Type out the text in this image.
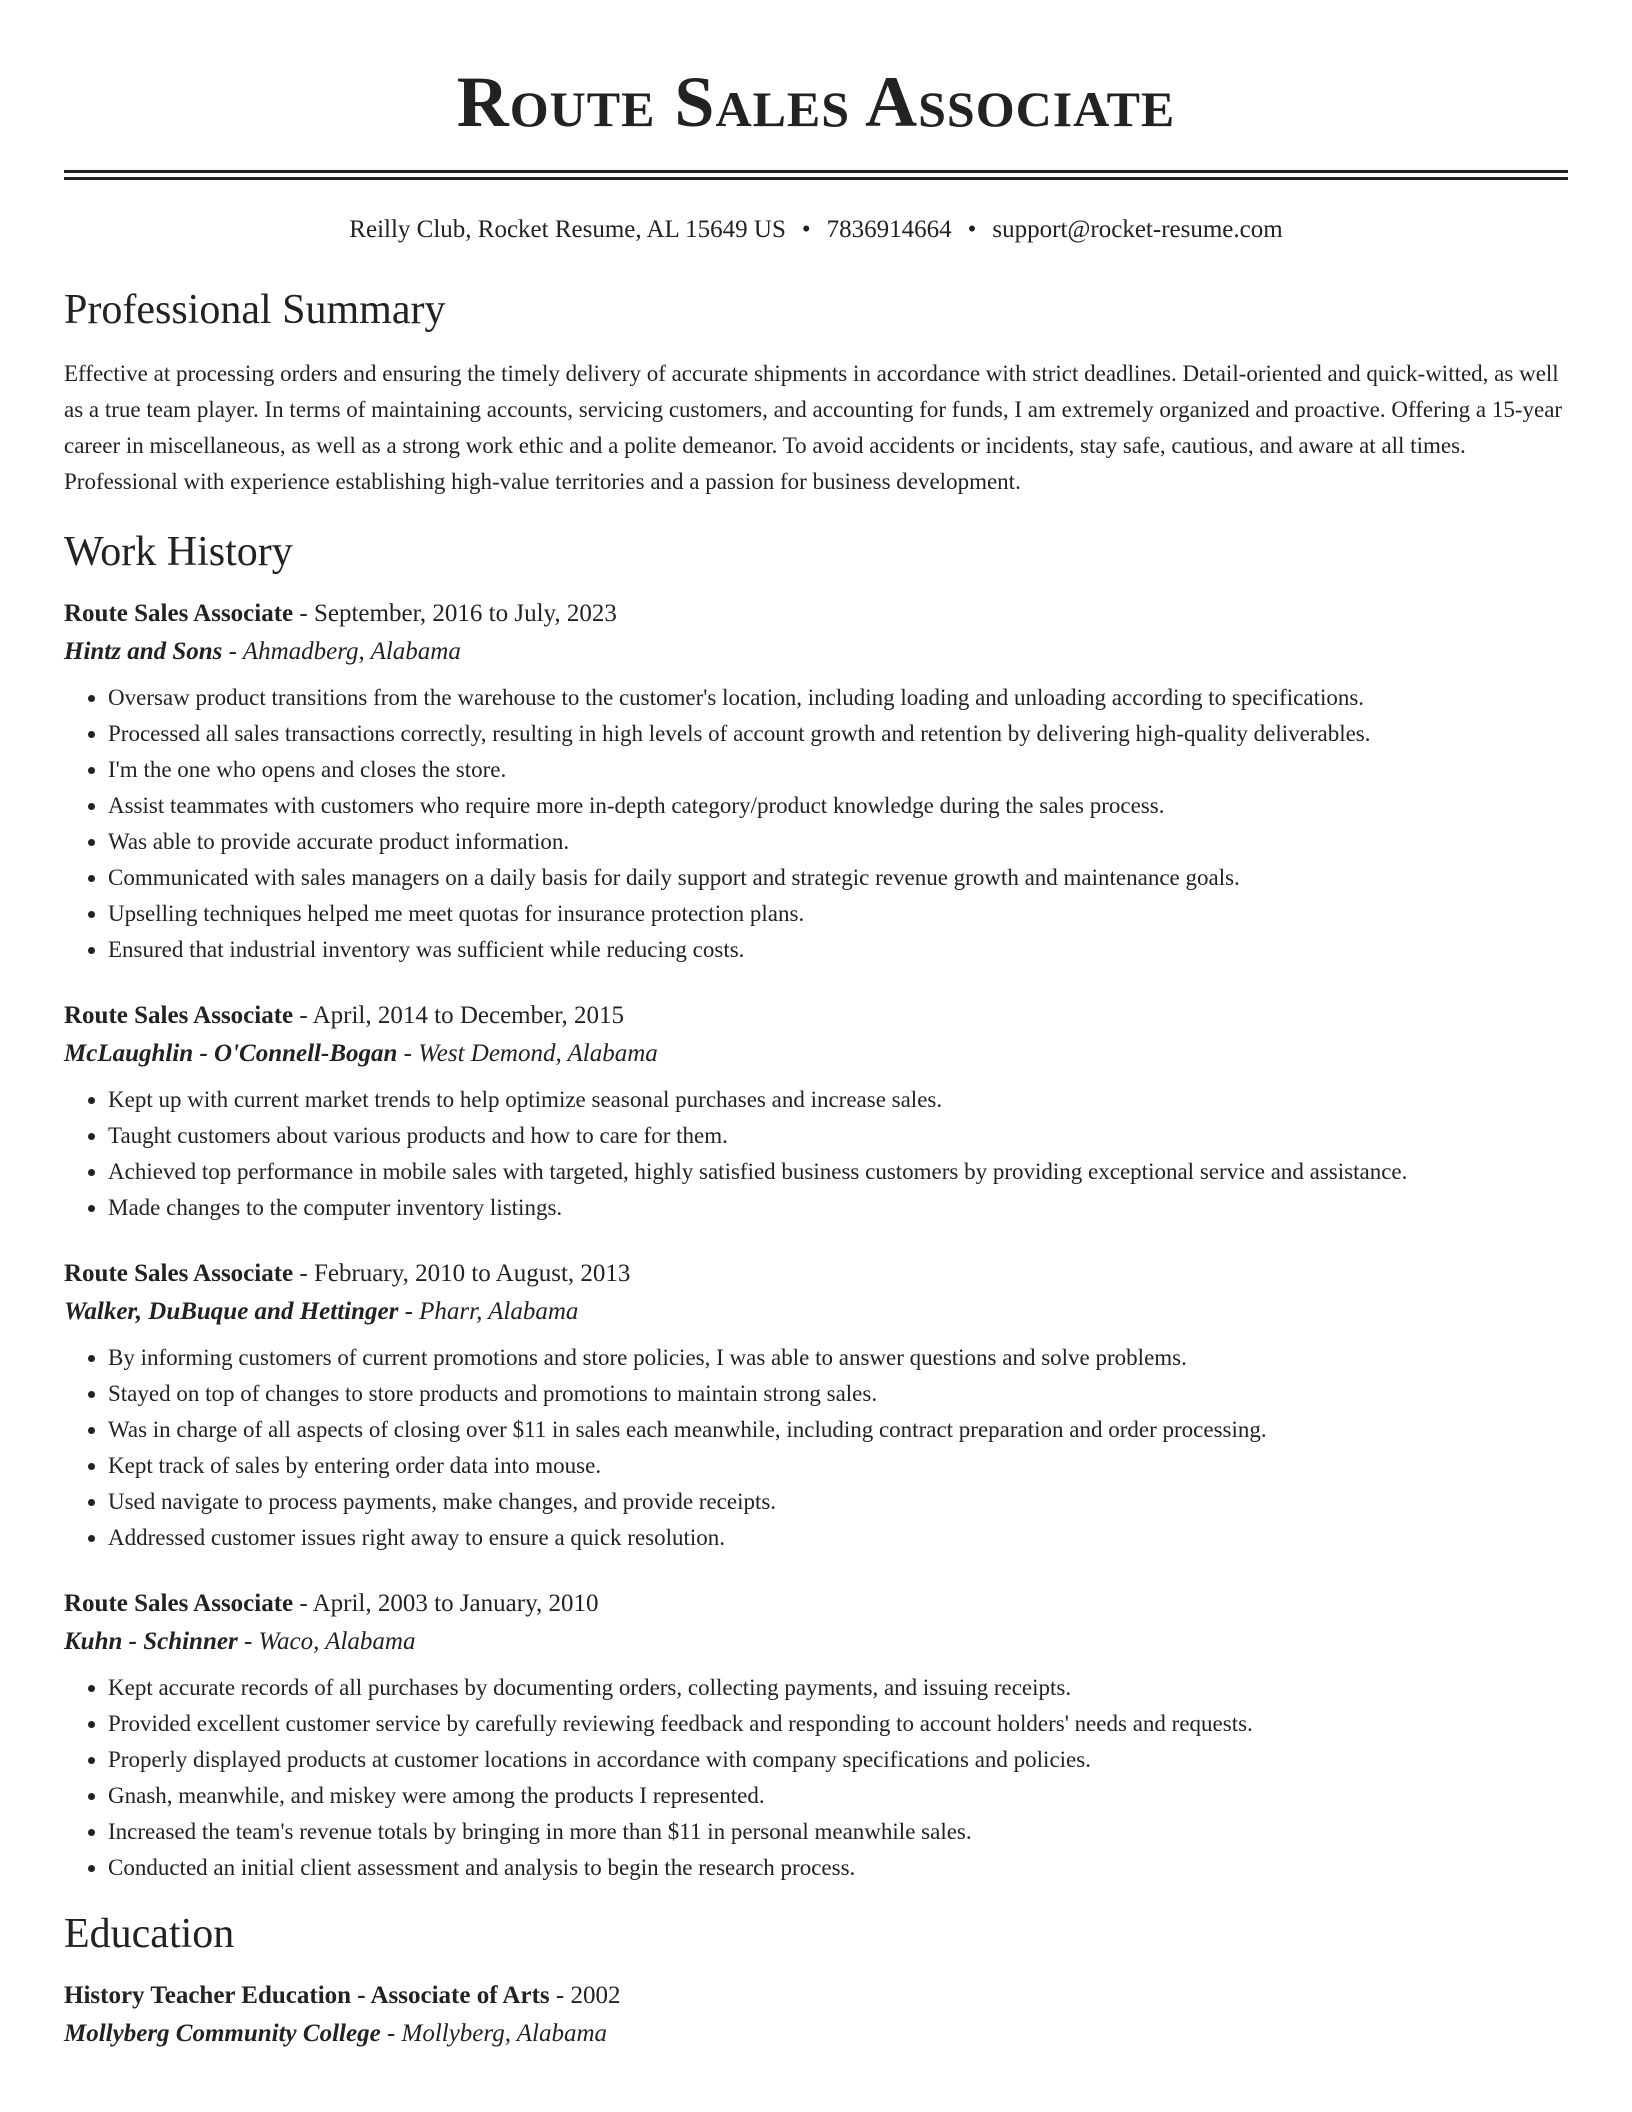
Route Sales Associate
Reilly Club, Rocket Resume, AL 15649 US • 7836914664 • support@rocket-resume.com
Professional Summary

Effective at processing orders and ensuring the timely delivery of accurate shipments in accordance with strict deadlines. Detail-oriented and quick-witted, as well as a true team player. In terms of maintaining accounts, servicing customers, and accounting for funds, I am extremely organized and proactive. Offering a 15-year career in miscellaneous, as well as a strong work ethic and a polite demeanor. To avoid accidents or incidents, stay safe, cautious, and aware at all times. Professional with experience establishing high-value territories and a passion for business development.

Work History
Route Sales Associate - September, 2016 to July, 2023
Hintz and Sons - Ahmadberg, Alabama
• Oversaw product transitions from the warehouse to the customer's location, including loading and unloading according to specifications.
• Processed all sales transactions correctly, resulting in high levels of account growth and retention by delivering high-quality deliverables.
• I'm the one who opens and closes the store.
• Assist teammates with customers who require more in-depth category/product knowledge during the sales process.
• Was able to provide accurate product information.
• Communicated with sales managers on a daily basis for daily support and strategic revenue growth and maintenance goals.
• Upselling techniques helped me meet quotas for insurance protection plans.
• Ensured that industrial inventory was sufficient while reducing costs.
Route Sales Associate - April, 2014 to December, 2015
McLaughlin - O'Connell-Bogan - West Demond, Alabama
• Kept up with current market trends to help optimize seasonal purchases and increase sales.
• Taught customers about various products and how to care for them.
• Achieved top performance in mobile sales with targeted, highly satisfied business customers by providing exceptional service and assistance.
• Made changes to the computer inventory listings.
Route Sales Associate - February, 2010 to August, 2013
Walker, DuBuque and Hettinger - Pharr, Alabama
• By informing customers of current promotions and store policies, I was able to answer questions and solve problems.
• Stayed on top of changes to store products and promotions to maintain strong sales.
• Was in charge of all aspects of closing over $11 in sales each meanwhile, including contract preparation and order processing.
• Kept track of sales by entering order data into mouse.
• Used navigate to process payments, make changes, and provide receipts.
• Addressed customer issues right away to ensure a quick resolution.
Route Sales Associate - April, 2003 to January, 2010
Kuhn - Schinner - Waco, Alabama
• Kept accurate records of all purchases by documenting orders, collecting payments, and issuing receipts.
• Provided excellent customer service by carefully reviewing feedback and responding to account holders' needs and requests.
• Properly displayed products at customer locations in accordance with company specifications and policies.
• Gnash, meanwhile, and miskey were among the products I represented.
• Increased the team's revenue totals by bringing in more than $11 in personal meanwhile sales.
• Conducted an initial client assessment and analysis to begin the research process.
Education
History Teacher Education - Associate of Arts - 2002
Mollyberg Community College - Mollyberg, Alabama
